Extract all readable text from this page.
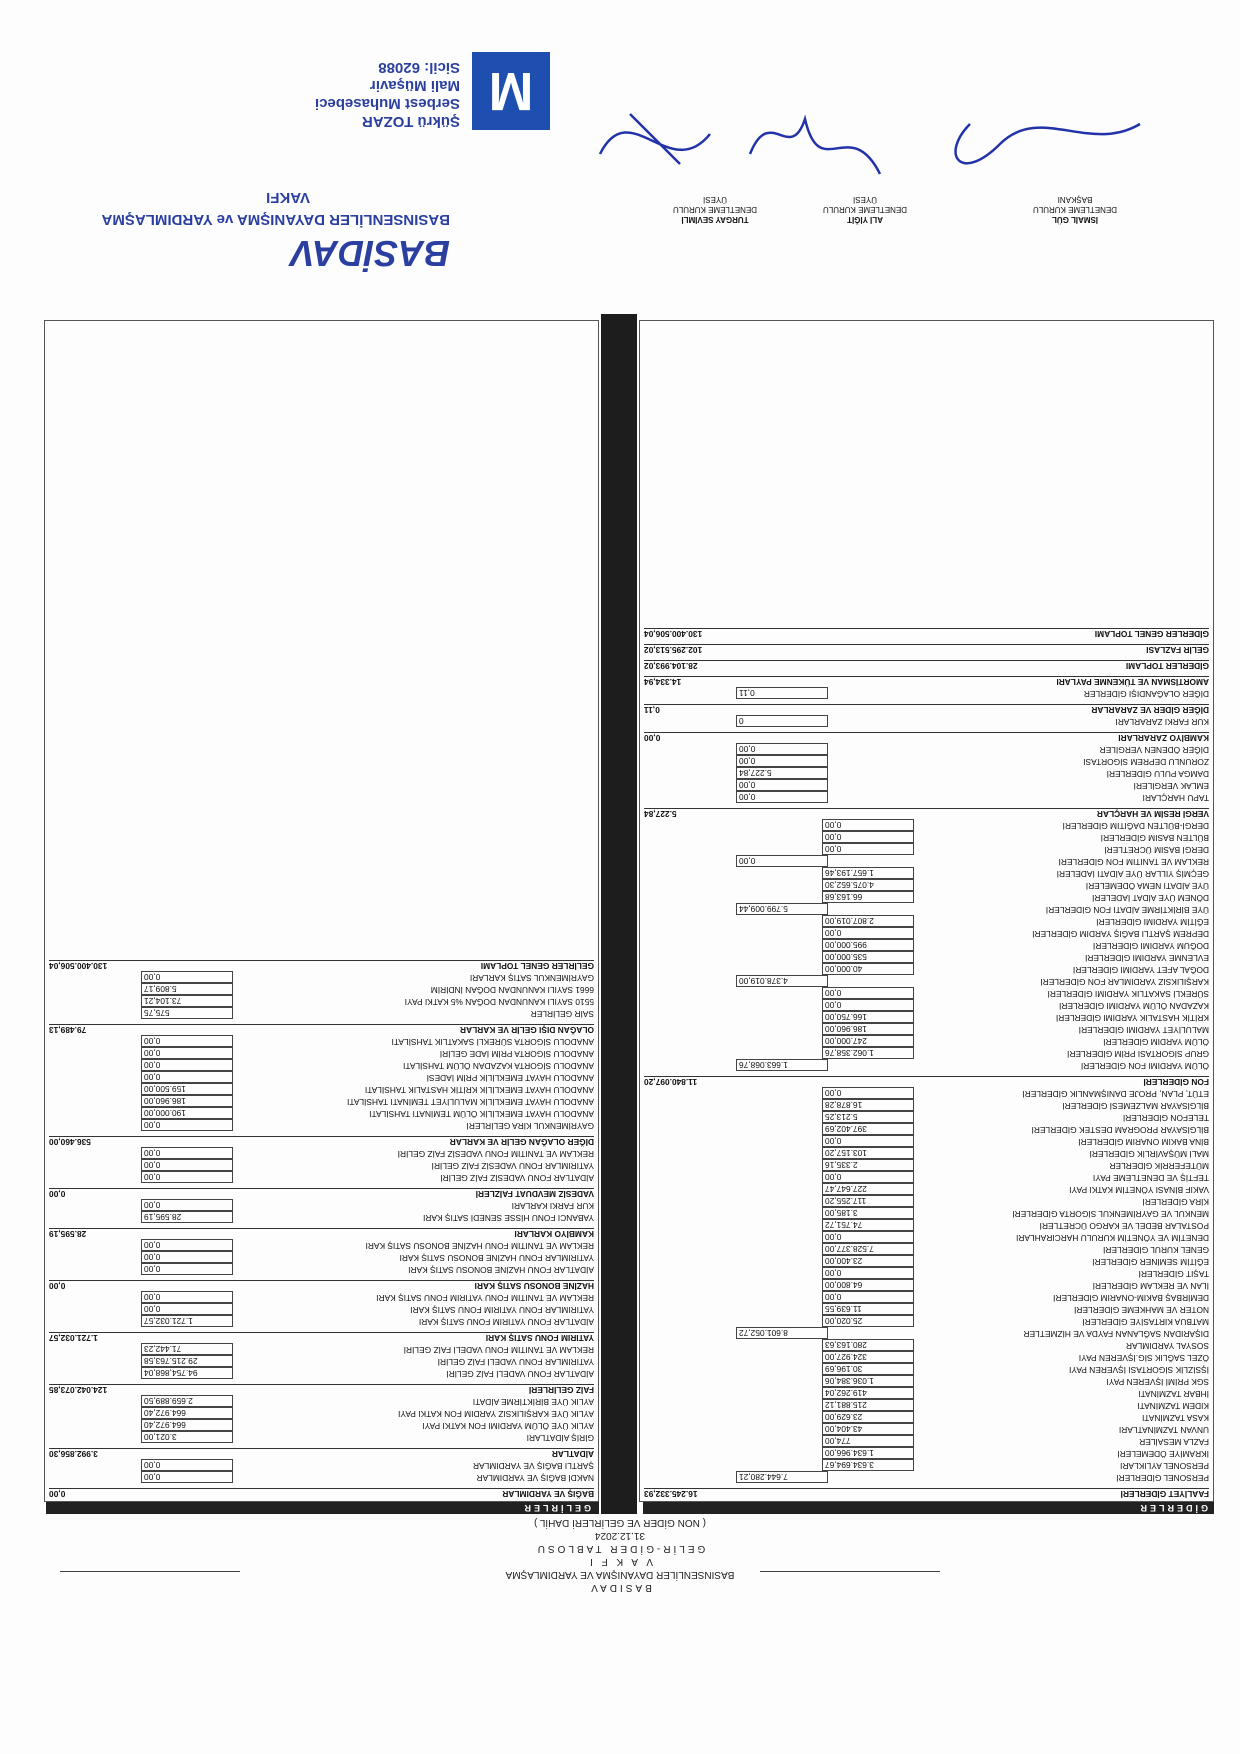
BASIDAV
BASINSENLİLER DAYANIŞMA VE YARDIMLAŞMA
V A K F I
GELİR-GİDER TABLOSU
31.12.2024
( NON GİDER VE GELİRLERİ DAHİL )
GİDERLER
GELİRLER
FAALİYET GİDERLERİ
16.245.332,93
PERSONEL GİDERLERİ
7.644.280,21
PERSONEL AYLIKLARI
3.634.694,67
İKRAMİYE ÖDEMELERİ
1.634.966,00
FAZLA MESAİLER
774,00
UNVAN TAZMİNATLARI
43.404,00
KASA TAZMİNATI
23.629,00
KIDEM TAZMİNATI
215.881,12
İHBAR TAZMİNATI
419.262,04
SGK PRİMİ İŞVEREN PAYI
1.036.384,06
İŞSİZLİK SİGORTASI İŞVEREN PAYI
30.196,69
ÖZEL SAĞLIK SİG.İŞVEREN PAYI
324.927,00
SOSYAL YARDIMLAR
280.163,63
DIŞARIDAN SAĞLANAN FAYDA VE HİZMETLER
8.601.052,72
MATBUA KIRTASİYE GİDERLERİ
25.020,00
NOTER VE MAHKEME GİDERLERİ
11.639,55
DEMİRBAŞ BAKIM-ONARIM GİDERLERİ
0,00
İLAN VE REKLAM GİDERLERİ
64.800,00
TAŞIT GİDERLERİ
0,00
EĞİTİM SEMİNER GİDERLERİ
23.400,00
GENEL KURUL GİDERLERİ
7.528.377,00
DENETİM VE YÖNETİM KURULU HARCIRAHLARI
0,00
POSTALAR BEDEL VE KARGO ÜCRETLERİ
74.751,72
MENKUL VE GAYRİMENKUL SİGORTA GİDERLERİ
3.185,00
KİRA GİDERLERİ
117.255,20
VAKIF BİNASI YÖNETİM KATKI PAYI
227.647,47
TEFTİŞ VE DENETLEME PAYI
0,00
MÜTEFERRİK GİDERLER
2.335,16
MALİ MÜŞAVİRLİK GİDERLERİ
103.157,20
BİNA BAKIM ONARIM GİDERLERİ
0,00
BİLGİSAYAR PROGRAM DESTEK GİDERLERİ
397.402,69
TELEFON GİDERLERİ
5.213,25
BİLGİSAYAR MALZEMESİ GİDERLERİ
16.878,28
ETÜT, PLAN, PROJE DANIŞMANLIK GİDERLERİ
0,00
FON GİDERLERİ
11.840.097,20
ÖLÜM YARDIMI FON GİDERLERİ
1.663.068,76
GRUP SİGORTASI PRİM GİDERLERİ
1.062.358,76
ÖLÜM YARDIM GİDERLERİ
247.000,00
MALULİYET YARDIMI GİDERLERİ
186.960,00
KRİTİK HASTALIK YARDIMI GİDERLERİ
166.750,00
KAZADAN ÖLÜM YARDIMI GİDERLERİ
0,00
SÜREKLİ SAKATLIK YARDIMI GİDERLERİ
0,00
KARŞILIKSIZ YARDIMLAR FON GİDERLERİ
4.378.019,00
DOĞAL AFET YARDIMI GİDERLERİ
40.000,00
EVLENME YARDIMI GİDERLERİ
535.000,00
DOĞUM YARDIMI GİDERLERİ
995.000,00
DEPREM ŞARTLI BAĞIŞ YARDIM GİDERLERİ
0,00
EĞİTİM YARDIMI GİDERLERİ
2.807.019,00
ÜYE BİRİKTİRME AİDATI FON GİDERLERİ
5.799.009,44
DÖNEM ÜYE AİDAT İADELERİ
66.163,68
ÜYE AİDATI NEMA ÖDEMELERİ
4.075.652,30
GEÇMİŞ YILLAR ÜYE AİDATI İADELERİ
1.657.193,46
REKLAM VE TANITIM FON GİDERLERİ
0,00
DERGİ BASIM ÜCRETLERİ
0,00
BÜLTEN BASIM GİDERLERİ
0,00
DERGİ-BÜLTEN DAĞITIM GİDERLERİ
0,00
VERGİ RESİM VE HARÇLAR
5.227,84
TAPU HARÇLARI
0,00
EMLAK VERGİLERİ
0,00
DAMGA PULU GİDERLERİ
5.227,84
ZORUNLU DEPREM SİGORTASI
0,00
DİĞER ÖDENEN VERGİLER
0,00
KAMBİYO ZARARLARI
0,00
KUR FARKI ZARARLARI
0
DİĞER GİDER VE ZARARLAR
0,11
DİĞER OLAĞANDIŞI GİDERLER
0,11
AMORTİSMAN VE TÜKENME PAYLARI
14.334,94
GİDERLER TOPLAMI
28.104.993,02
GELİR FAZLASI
102.295.513,02
GİDERLER GENEL TOPLAMI
130.400.506,04
BAĞIŞ VE YARDIMLAR
0,00
NAKDİ BAĞIŞ VE YARDIMLAR
0,00
ŞARTLI BAĞIŞ VE YARDIMLAR
0,00
AİDATLAR
3.992.856,30
GİRİŞ AİDATLARI
3.021,00
AYLIK ÜYE ÖLÜM YARDIMI FON KATKI PAYI
664.972,40
AYLIK ÜYE KARŞILIKSIZ YARDIM FON KATKI PAYI
664.972,40
AYLIK ÜYE BİRİKTİRME AİDATI
2.659.889,50
FAİZ GELİRLERİ
124.042.073,85
AİDATLAR FONU VADELİ FAİZ GELİRİ
94.754,868,04
YATIRIMLAR FONU VADELİ FAİZ GELİRİ
29.215.763,58
REKLAM VE TANITIM FONU VADELİ FAİZ GELİRİ
71.442,23
YATIRIM FONU SATIŞ KARI
1.721.032,57
AİDATLAR FONU YATIRIM FONU SATIŞ KARI
1.721.032,57
YATIRIMLAR FONU YATIRIM FONU SATIŞ KARI
0,00
REKLAM VE TANITIM FONU YATIRIM FONU SATIŞ KARI
0,00
HAZİNE BONOSU SATIŞ KARI
0,00
AİDATLAR FONU HAZİNE BONOSU SATIŞ KARI
0,00
YATIRIMLAR FONU HAZİNE BONOSU SATIŞ KARI
0,00
REKLAM VE TANITIM FONU HAZİNE BONOSU SATIŞ KARI
0,00
KAMBİYO KARLARI
28.595,19
YABANCI FONU HİSSE SENEDİ SATIŞ KARI
28.595,19
KUR FARKI KARLARI
0,00
VADESİZ MEVDUAT FAİZLERİ
0,00
AİDATLAR FONU VADESİZ FAİZ GELİRİ
0,00
YATIRIMLAR FONU VADESİZ FAİZ GELİRİ
0,00
REKLAM VE TANITIM FONU VADESİZ FAİZ GELİRİ
0,00
DİĞER OLAĞAN GELİR VE KARLAR
536.460,00
GAYRİMENKUL KİRA GELİRLERİ
0,00
ANADOLU HAYAT EMEKLİLİK ÖLÜM TEMİNATI TAHSİLATI
190.000,00
ANADOLU HAYAT EMEKLİLİK MALULİYET TEMİNATI TAHSİLATI
186.960,00
ANADOLU HAYAT EMEKLİLİK KRİTİK HASTALIK TAHSİLATI
159.500,00
ANADOLU HAYAT EMEKLİLİK PRİM İADESİ
0,00
ANADOLU SİGORTA KAZADAN ÖLÜM TAHSİLATI
0,00
ANADOLU SİGORTA PRİM İADE GELİRİ
0,00
ANADOLU SİGORTA SÜREKLİ SAKATLIK TAHSİLATI
0,00
OLAĞAN DIŞI GELİR VE KARLAR
79.489,13
SAİR GELİRLER
575,75
5510 SAYILI KANUNDAN DOĞAN %5 KATKI PAYI
73.104,21
6661 SAYILI KANUNDAN DOĞAN İNDİRİM
5.809,17
GAYRİMENKUL SATIŞ KARLARI
0,00
GELİRLER GENEL TOPLAMI
130.400.506,04
İSMAİL GÜL
DENETLEME KURULU
BAŞKANI
ALİ YİĞİT
DENETLEME KURULU
ÜYESİ
TURGAY SEVİMLİ
DENETLEME KURULU
ÜYESİ
M
Şükrü TOZAR
Serbest Muhasebeci
Mali Müşavir
Sicil: 62088
BASİDAV
BASINSENLİLER DAYANIŞMA ve YARDIMLAŞMA
VAKFI
